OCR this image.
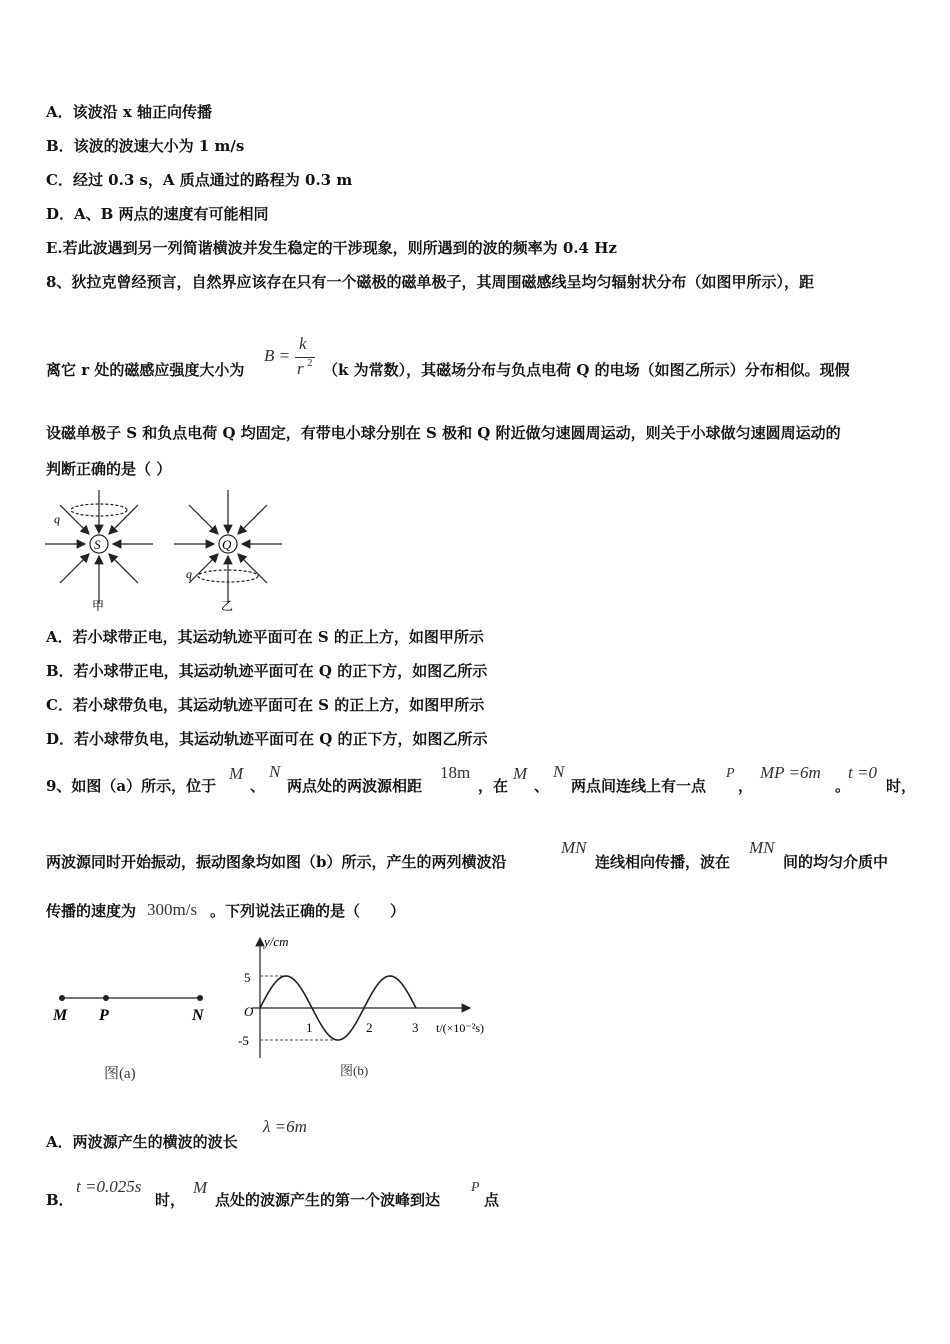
A．该波沿 x 轴正向传播
B．该波的波速大小为 1 m/s
C．经过 0.3 s，A 质点通过的路程为 0.3 m
D．A、B 两点的速度有可能相同
E.若此波遇到另一列简谐横波并发生稳定的干涉现象，则所遇到的波的频率为 0.4 Hz
8、狄拉克曾经预言，自然界应该存在只有一个磁极的磁单极子，其周围磁感线呈均匀辐射状分布（如图甲所示），距
离它 r 处的磁感应强度大小为
B =
k
r 2 （k 为常数），其磁场分布与负点电荷 Q 的电场（如图乙所示）分布相似。现假
设磁单极子 S 和负点电荷 Q 均固定，有带电小球分别在 S 极和 Q 附近做匀速圆周运动，则关于小球做匀速圆周运动的
判断正确的是（ ）
S
q
甲
Q
q
乙
A．若小球带正电，其运动轨迹平面可在 S 的正上方，如图甲所示
B．若小球带正电，其运动轨迹平面可在 Q 的正下方，如图乙所示
C．若小球带负电，其运动轨迹平面可在 S 的正上方，如图甲所示
D．若小球带负电，其运动轨迹平面可在 Q 的正下方，如图乙所示
9、如图（a）所示，位于
M
、
N
两点处的两波源相距
18m
，在
M
、
N
两点间连线上有一点
P
，
MP =6m
。
t =0
时，
两波源同时开始振动，振动图象均如图（b）所示，产生的两列横波沿
MN
连线相向传播，波在
MN
间的均匀介质中
传播的速度为 300m/s 。下列说法正确的是（　　）
M P	N
图(a)
y/cm
t/(×10⁻²s)
O
5
-5
1	2	3
图(b)
A．两波源产生的横波的波长
λ =6m
B．
t =0.025s
时，
M
点处的波源产生的第一个波峰到达
P
点
